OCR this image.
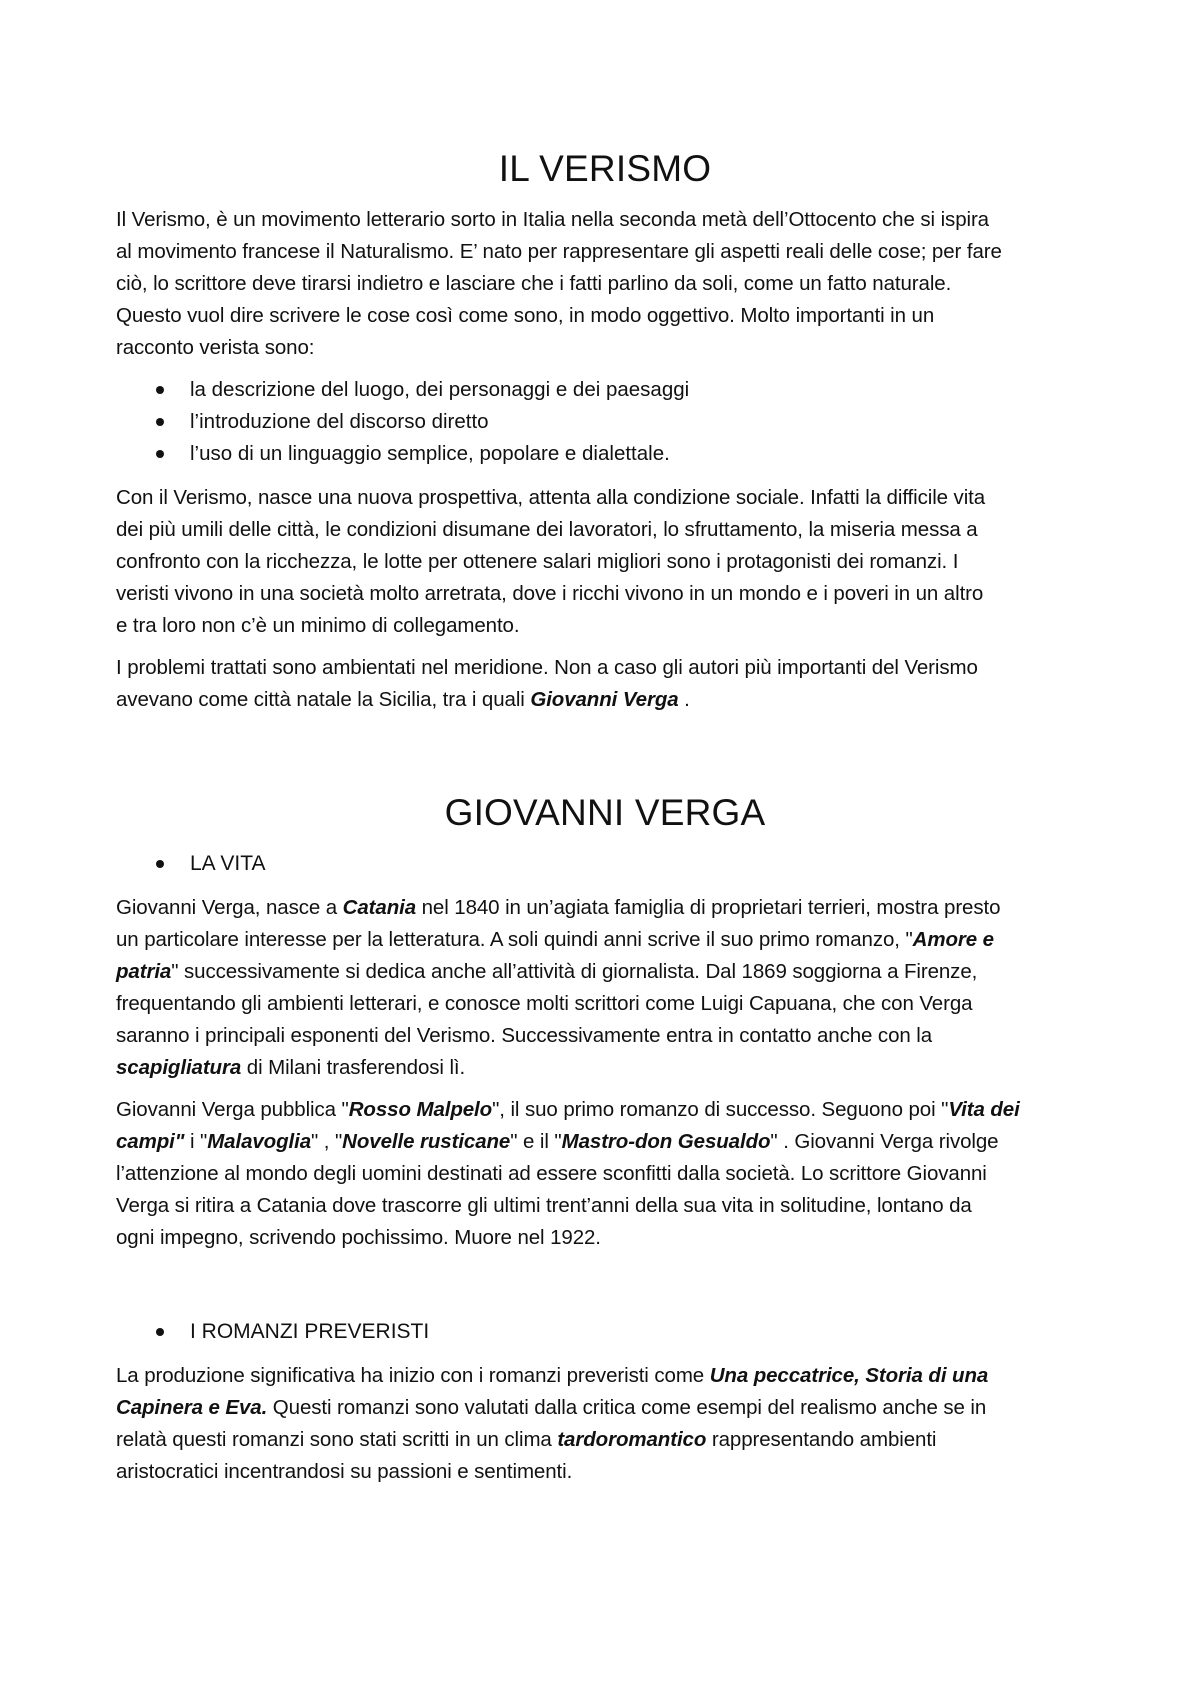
IL VERISMO

Il Verismo, è un movimento letterario sorto in Italia nella seconda metà dell’Ottocento che si ispira
al movimento francese il Naturalismo. E’ nato per rappresentare gli aspetti reali delle cose; per fare
ciò, lo scrittore deve tirarsi indietro e lasciare che i fatti parlino da soli, come un fatto naturale.
Questo vuol dire scrivere le cose così come sono, in modo oggettivo. Molto importanti in un
racconto verista sono:

la descrizione del luogo, dei personaggi e dei paesaggi
l’introduzione del discorso diretto
l’uso di un linguaggio semplice, popolare e dialettale.

Con il Verismo, nasce una nuova prospettiva, attenta alla condizione sociale. Infatti la difficile vita
dei più umili delle città, le condizioni disumane dei lavoratori, lo sfruttamento, la miseria messa a
confronto con la ricchezza, le lotte per ottenere salari migliori sono i protagonisti dei romanzi. I
veristi vivono in una società molto arretrata, dove i ricchi vivono in un mondo e i poveri in un altro
e tra loro non c’è un minimo di collegamento.

I problemi trattati sono ambientati nel meridione. Non a caso gli autori più importanti del Verismo
avevano come città natale la Sicilia, tra i quali Giovanni Verga .

GIOVANNI VERGA
LA VITA

Giovanni Verga, nasce a Catania nel 1840 in un’agiata famiglia di proprietari terrieri, mostra presto
un particolare interesse per la letteratura. A soli quindi anni scrive il suo primo romanzo, "Amore e
patria" successivamente si dedica anche all’attività di giornalista. Dal 1869 soggiorna a Firenze,
frequentando gli ambienti letterari, e conosce molti scrittori come Luigi Capuana, che con Verga
saranno i principali esponenti del Verismo. Successivamente entra in contatto anche con la
scapigliatura di Milani trasferendosi lì.

Giovanni Verga pubblica "Rosso Malpelo", il suo primo romanzo di successo. Seguono poi "Vita dei
campi" i "Malavoglia" , "Novelle rusticane" e il "Mastro-don Gesualdo" . Giovanni Verga rivolge
l’attenzione al mondo degli uomini destinati ad essere sconfitti dalla società. Lo scrittore Giovanni
Verga si ritira a Catania dove trascorre gli ultimi trent’anni della sua vita in solitudine, lontano da
ogni impegno, scrivendo pochissimo. Muore nel 1922.

I ROMANZI PREVERISTI

La produzione significativa ha inizio con i romanzi preveristi come Una peccatrice, Storia di una
Capinera e Eva. Questi romanzi sono valutati dalla critica come esempi del realismo anche se in
relatà questi romanzi sono stati scritti in un clima tardoromantico rappresentando ambienti
aristocratici incentrandosi su passioni e sentimenti.
